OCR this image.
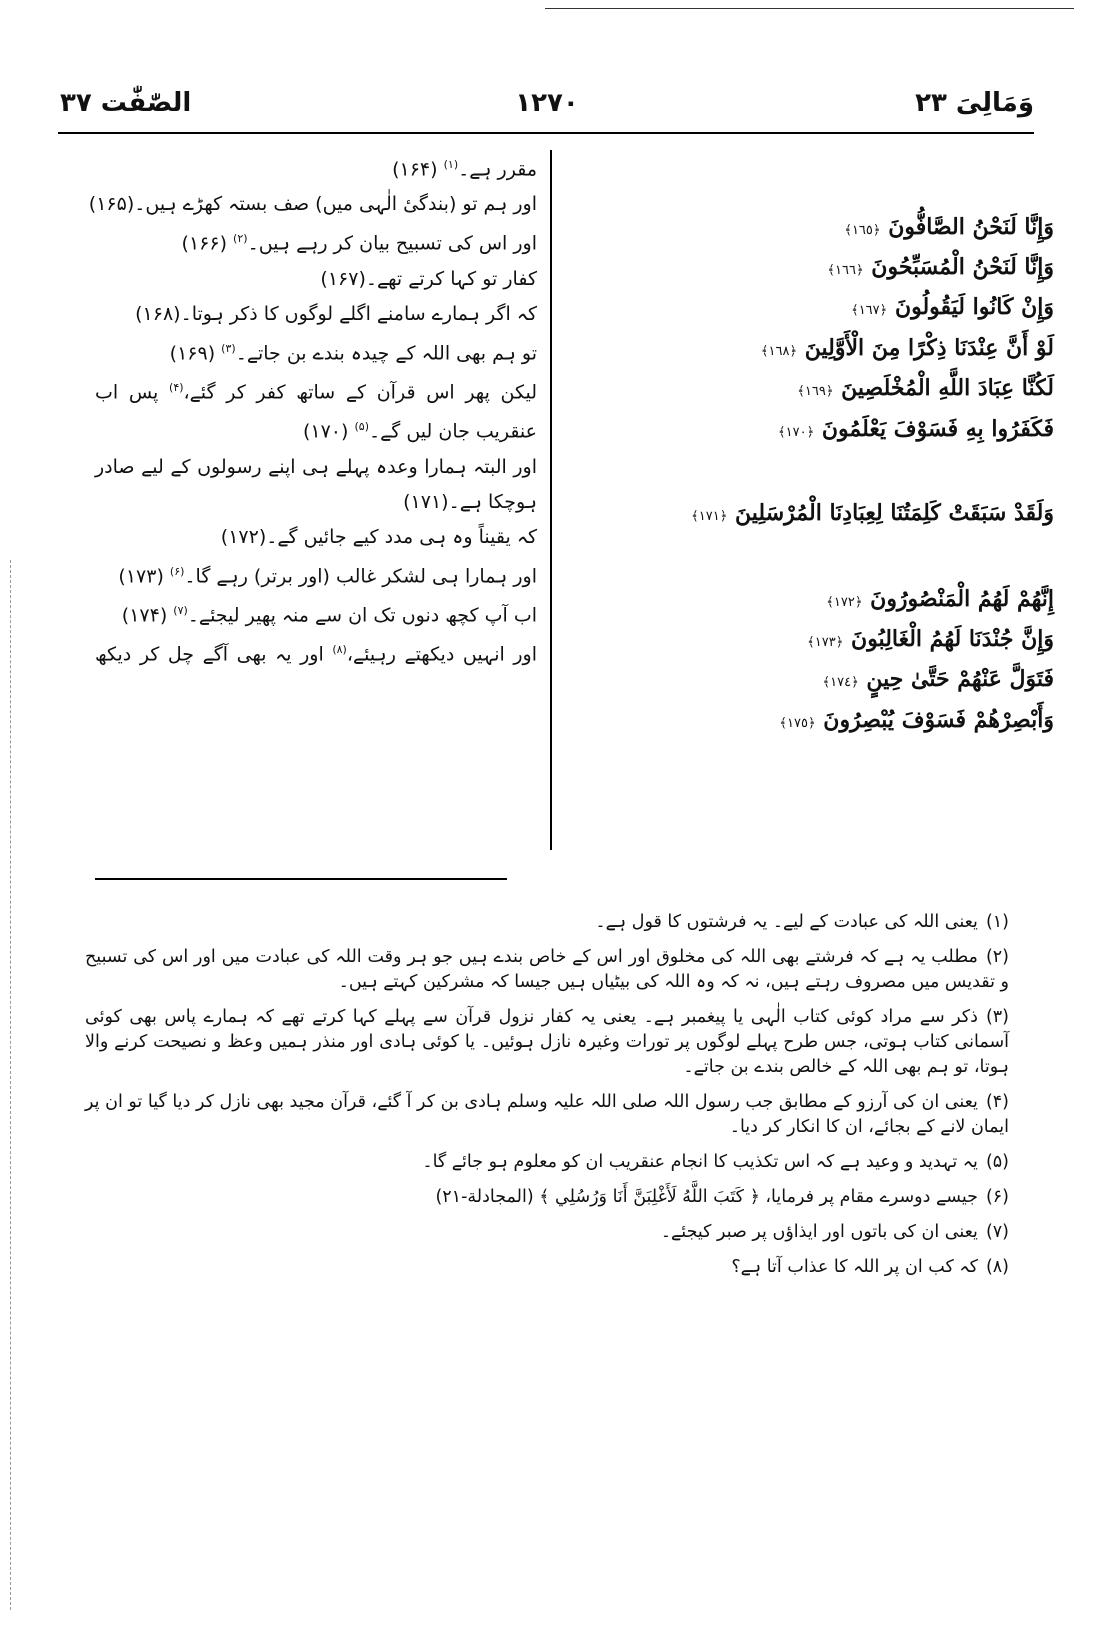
الصّٰفّٰت ۳۷	۱۲۷۰	وَمَالِیَ ۲۳
مقرر ہے۔$^{(۱)}$ (۱۶۴)
اور ہم تو (بندگیٔ الٰہی میں) صف بستہ کھڑے ہیں۔(۱۶۵)
اور اس کی تسبیح بیان کر رہے ہیں۔$^{(۲)}$ (۱۶۶)
کفار تو کہا کرتے تھے۔(۱۶۷)
کہ اگر ہمارے سامنے اگلے لوگوں کا ذکر ہوتا۔(۱۶۸)
تو ہم بھی اللہ کے چیدہ بندے بن جاتے۔$^{(۳)}$ (۱۶۹)
لیکن پھر اس قرآن کے ساتھ کفر کر گئے،$^{(۴)}$ پس اب
عنقریب جان لیں گے۔$^{(۵)}$ (۱۷۰)
اور البتہ ہمارا وعدہ پہلے ہی اپنے رسولوں کے لیے صادر
ہوچکا ہے۔(۱۷۱)
کہ یقیناً وہ ہی مدد کیے جائیں گے۔(۱۷۲)
اور ہمارا ہی لشکر غالب (اور برتر) رہے گا۔$^{(۶)}$ (۱۷۳)
اب آپ کچھ دنوں تک ان سے منہ پھیر لیجئے۔$^{(۷)}$ (۱۷۴)
اور انہیں دیکھتے رہیئے،$^{(۸)}$ اور یہ بھی آگے چل کر دیکھ
وَإِنَّا لَنَحْنُ الصَّافُّونَ ﴿١٦٥﴾
وَإِنَّا لَنَحْنُ الْمُسَبِّحُونَ ﴿١٦٦﴾
وَإِنْ كَانُوا لَيَقُولُونَ ﴿١٦٧﴾
لَوْ أَنَّ عِنْدَنَا ذِكْرًا مِنَ الْأَوَّلِينَ ﴿١٦٨﴾
لَكُنَّا عِبَادَ اللَّهِ الْمُخْلَصِينَ ﴿١٦٩﴾
فَكَفَرُوا بِهِ فَسَوْفَ يَعْلَمُونَ ﴿١٧٠﴾
وَلَقَدْ سَبَقَتْ كَلِمَتُنَا لِعِبَادِنَا الْمُرْسَلِينَ ﴿١٧١﴾
إِنَّهُمْ لَهُمُ الْمَنْصُورُونَ ﴿١٧٢﴾
وَإِنَّ جُنْدَنَا لَهُمُ الْغَالِبُونَ ﴿١٧٣﴾
فَتَوَلَّ عَنْهُمْ حَتَّىٰ حِينٍ ﴿١٧٤﴾
وَأَبْصِرْهُمْ فَسَوْفَ يُبْصِرُونَ ﴿١٧٥﴾
(۱)یعنی اللہ کی عبادت کے لیے۔ یہ فرشتوں کا قول ہے۔
(۲)مطلب یہ ہے کہ فرشتے بھی اللہ کی مخلوق اور اس کے خاص بندے ہیں جو ہر وقت اللہ کی عبادت میں اور اس کی تسبیح و تقدیس میں مصروف رہتے ہیں، نہ کہ وہ اللہ کی بیٹیاں ہیں جیسا کہ مشرکین کہتے ہیں۔
(۳)ذکر سے مراد کوئی کتاب الٰہی یا پیغمبر ہے۔ یعنی یہ کفار نزول قرآن سے پہلے کہا کرتے تھے کہ ہمارے پاس بھی کوئی آسمانی کتاب ہوتی، جس طرح پہلے لوگوں پر تورات وغیرہ نازل ہوئیں۔ یا کوئی ہادی اور منذر ہمیں وعظ و نصیحت کرنے والا ہوتا، تو ہم بھی اللہ کے خالص بندے بن جاتے۔
(۴)یعنی ان کی آرزو کے مطابق جب رسول اللہ صلی اللہ علیہ وسلم ہادی بن کر آ گئے، قرآن مجید بھی نازل کر دیا گیا تو ان پر ایمان لانے کے بجائے، ان کا انکار کر دیا۔
(۵)یہ تہدید و وعید ہے کہ اس تکذیب کا انجام عنقریب ان کو معلوم ہو جائے گا۔
(۶)جیسے دوسرے مقام پر فرمایا، ﴿ كَتَبَ اللَّهُ لَأَغْلِبَنَّ أَنَا وَرُسُلِي ﴾ (المجادلة-۲۱)
(۷)یعنی ان کی باتوں اور ایذاؤں پر صبر کیجئے۔
(۸)کہ کب ان پر اللہ کا عذاب آتا ہے؟
